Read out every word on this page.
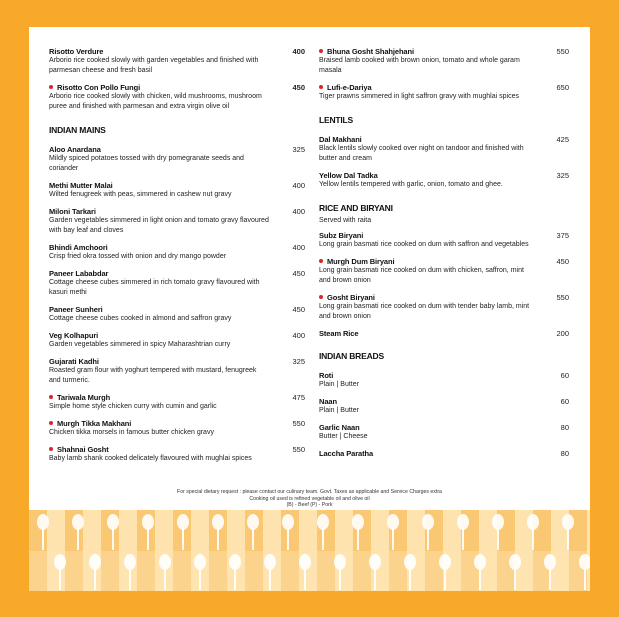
Risotto Verdure	400
Arborio rice cooked slowly with garden vegetables and finished with parmesan cheese and fresh basil
Risotto Con Pollo Fungi	450
Arborio rice cooked slowly with chicken, wild mushrooms, mushroom puree and finished with parmesan and extra virgin olive oil
INDIAN MAINS
Aloo Anardana	325
Mildly spiced potatoes tossed with dry pomegranate seeds and coriander
Methi Mutter Malai	400
Wilted fenugreek with peas, simmered in cashew nut gravy
Miloni Tarkari	400
Garden vegetables simmered in light onion and tomato gravy flavoured with bay leaf and cloves
Bhindi Amchoori	400
Crisp fried okra tossed with onion and dry mango powder
Paneer Lababdar	450
Cottage cheese cubes simmered in rich tomato gravy flavoured with kasuri methi
Paneer Sunheri	450
Cottage cheese cubes cooked in almond and saffron gravy
Veg Kolhapuri	400
Garden vegetables simmered in spicy Maharashtrian curry
Gujarati Kadhi	325
Roasted gram flour with yoghurt tempered with mustard, fenugreek and turmeric.
Tariwala Murgh	475
Simple home style chicken curry with cumin and garlic
Murgh Tikka Makhani	550
Chicken tikka morsels in famous butter chicken gravy
Shahnai Gosht	550
Baby lamb shank cooked delicately flavoured with mughlai spices
Bhuna Gosht Shahjehani	550
Braised lamb cooked with brown onion, tomato and whole garam masala
Lufi-e-Dariya	650
Tiger prawns simmered in light saffron gravy with mughlai spices
LENTILS
Dal Makhani	425
Black lentils slowly cooked over night on tandoor and finished with butter and cream
Yellow Dal Tadka	325
Yellow lentils tempered with garlic, onion, tomato and ghee.
RICE AND BIRYANI
Served with raita
Subz Biryani	375
Long grain basmati rice cooked on dum with saffron and vegetables
Murgh Dum Biryani	450
Long grain basmati rice cooked on dum with chicken, saffron, mint and brown onion
Gosht Biryani	550
Long grain basmati rice cooked on dum with tender baby lamb, mint and brown onion
Steam Rice	200
INDIAN BREADS
Roti	60
Plain | Butter
Naan	60
Plain | Butter
Garlic Naan	80
Butter | Cheese
Laccha Paratha	80
For special dietary request : please contact our culinary team. Govt. Taxes as applicable and Service Charges extra
Cooking oil used is refined vegetable oil and olive oil
(B) - Beef (P) - Pork
